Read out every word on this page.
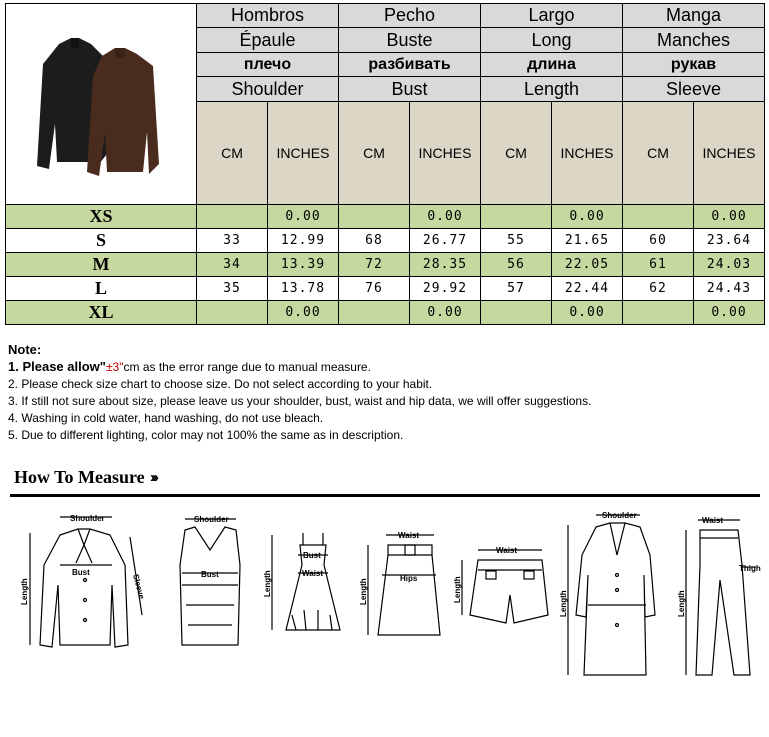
	Hombros		Pecho		Largo		Manga	
	Épaule		Buste		Long		Manches	
	плечо		разбивать		длина		рукав	
	Shoulder		Bust		Length		Sleeve	
	CM	INCHES	CM	INCHES	CM	INCHES	CM	INCHES
XS		0.00		0.00		0.00		0.00
S	33	12.99	68	26.77	55	21.65	60	23.64
M	34	13.39	72	28.35	56	22.05	61	24.03
L	35	13.78	76	29.92	57	22.44	62	24.43
XL		0.00		0.00		0.00		0.00
Note:
1. Please allow"±3"cm as the error range due to manual measure.
2. Please check size chart to choose size. Do not select according to your habit.
3. If still not sure about size, please leave us your shoulder, bust, waist and hip data, we will offer suggestions.
4. Washing in cold water, hand washing, do not use bleach.
5. Due to different lighting, color may not 100% the same as in description.
How To Measure ›››
Shoulder
Bust
Sleeve
Length
Shoulder
Bust
Bust
Waist
Length
Waist
Hips
Length
Waist
Length
Shoulder
Length
Waist
Thigh
Length
